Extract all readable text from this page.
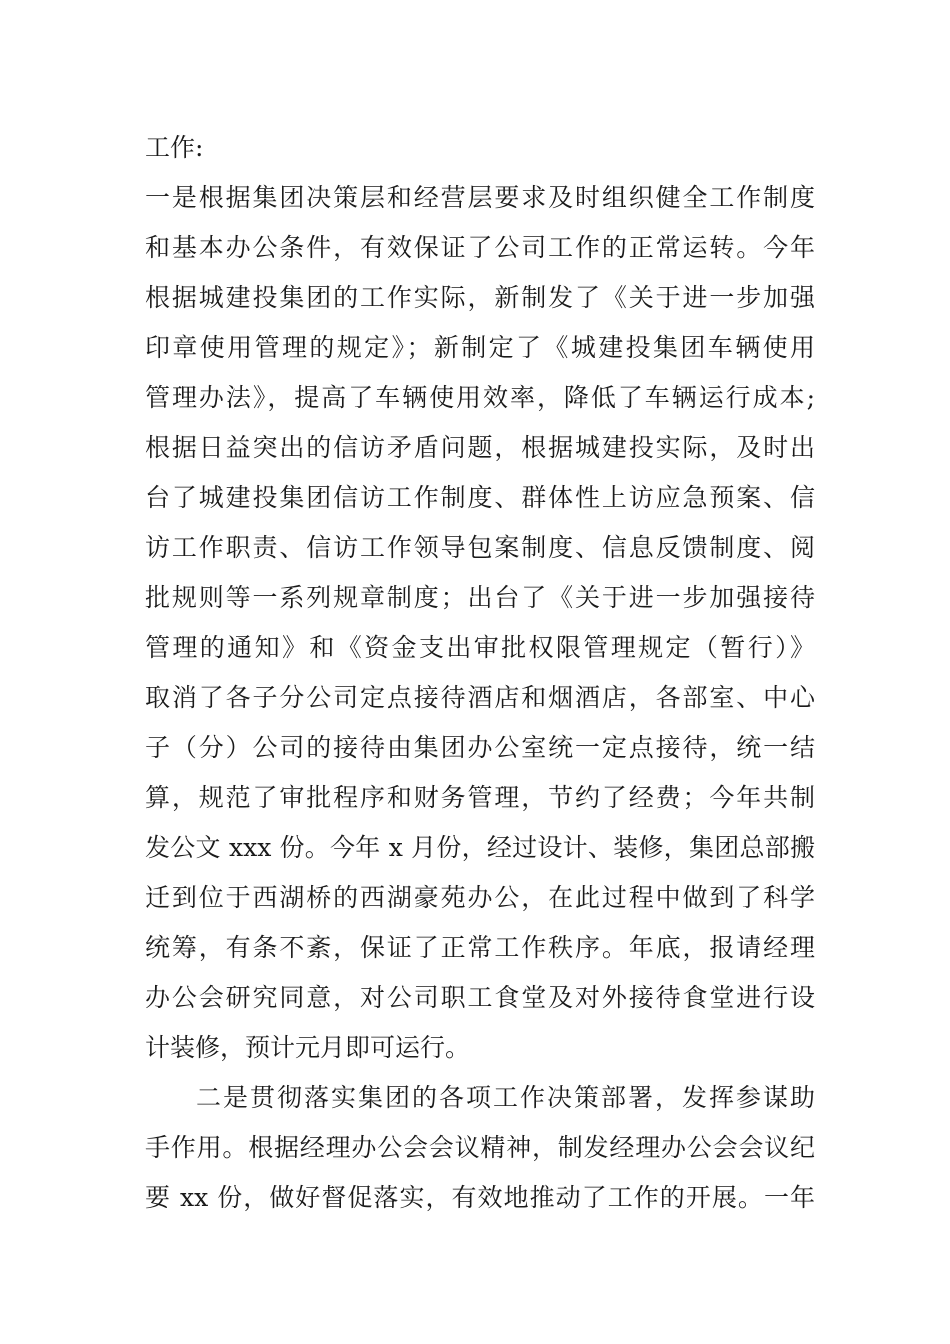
工作:
一是根据集团决策层和经营层要求及时组织健全工作制度
和基本办公条件，有效保证了公司工作的正常运转。今年
根据城建投集团的工作实际，新制发了《关于进一步加强
印章使用管理的规定》；新制定了《城建投集团车辆使用
管理办法》，提高了车辆使用效率，降低了车辆运行成本;
根据日益突出的信访矛盾问题，根据城建投实际，及时出
台了城建投集团信访工作制度、群体性上访应急预案、信
访工作职责、信访工作领导包案制度、信息反馈制度、阅
批规则等一系列规章制度；出台了《关于进一步加强接待
管理的通知》和《资金支出审批权限管理规定（暂行）》
取消了各子分公司定点接待酒店和烟酒店，各部室、中心
子（分）公司的接待由集团办公室统一定点接待，统一结
算，规范了审批程序和财务管理，节约了经费；今年共制
发公文 xxx 份。今年 x 月份，经过设计、装修，集团总部搬
迁到位于西湖桥的西湖豪苑办公，在此过程中做到了科学
统筹，有条不紊，保证了正常工作秩序。年底，报请经理
办公会研究同意，对公司职工食堂及对外接待食堂进行设
计装修，预计元月即可运行。
二是贯彻落实集团的各项工作决策部署，发挥参谋助
手作用。根据经理办公会会议精神，制发经理办公会会议纪
要 xx 份，做好督促落实，有效地推动了工作的开展。一年
